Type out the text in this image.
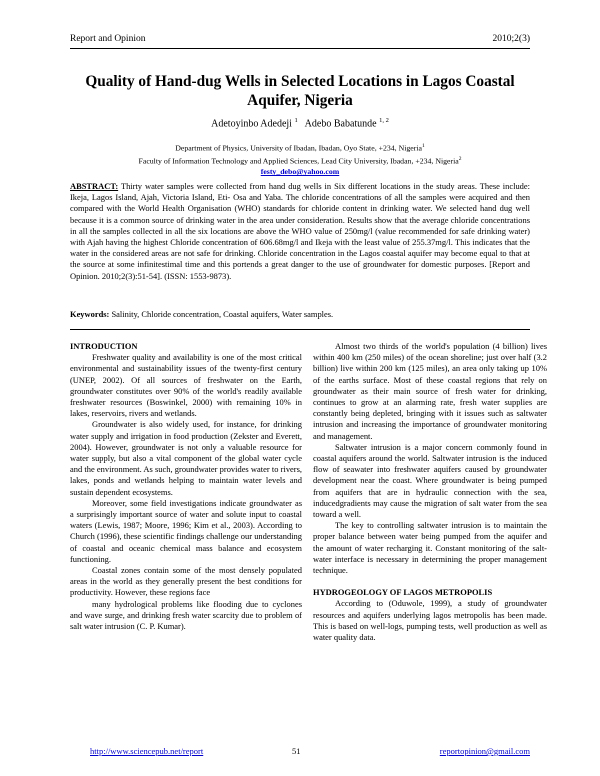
Report and Opinion	2010;2(3)
Quality of Hand-dug Wells in Selected Locations in Lagos Coastal Aquifer, Nigeria
Adetoyinbo Adedeji $^1$ Adebo Babatunde $^{1, 2}$
Department of Physics, University of Ibadan, Ibadan, Oyo State, +234, Nigeria$^1$
Faculty of Information Technology and Applied Sciences, Lead City University, Ibadan, +234, Nigeria$^2$
festy_debo@yahoo.com
ABSTRACT: Thirty water samples were collected from hand dug wells in Six different locations in the study areas. These include: Ikeja, Lagos Island, Ajah, Victoria Island, Eti- Osa and Yaba. The chloride concentrations of all the samples were acquired and then compared with the World Health Organisation (WHO) standards for chloride content in drinking water. We selected hand dug well because it is a common source of drinking water in the area under consideration. Results show that the average chloride concentrations in all the samples collected in all the six locations are above the WHO value of 250mg/l (value recommended for safe drinking water) with Ajah having the highest Chloride concentration of 606.68mg/l and Ikeja with the least value of 255.37mg/l. This indicates that the water in the considered areas are not safe for drinking. Chloride concentration in the Lagos coastal aquifer may become equal to that at the source at some infinitestimal time and this portends a great danger to the use of groundwater for domestic purposes. [Report and Opinion. 2010;2(3):51-54]. (ISSN: 1553-9873).
Keywords: Salinity, Chloride concentration, Coastal aquifers, Water samples.

INTRODUCTION

Freshwater quality and availability is one of the most critical environmental and sustainability issues of the twenty-first century (UNEP, 2002). Of all sources of freshwater on the Earth, groundwater constitutes over 90% of the world's readily available freshwater resources (Boswinkel, 2000) with remaining 10% in lakes, reservoirs, rivers and wetlands.

Groundwater is also widely used, for instance, for drinking water supply and irrigation in food production (Zekster and Everett, 2004). However, groundwater is not only a valuable resource for water supply, but also a vital component of the global water cycle and the environment. As such, groundwater provides water to rivers, lakes, ponds and wetlands helping to maintain water levels and sustain dependent ecosystems.

Moreover, some field investigations indicate groundwater as a surprisingly important source of water and solute input to coastal waters (Lewis, 1987; Moore, 1996; Kim et al., 2003). According to Church (1996), these scientific findings challenge our understanding of coastal and oceanic chemical mass balance and ecosystem functioning.

Coastal zones contain some of the most densely populated areas in the world as they generally present the best conditions for productivity. However, these regions face

many hydrological problems like flooding due to cyclones and wave surge, and drinking fresh water scarcity due to problem of salt water intrusion (C. P. Kumar).

Almost two thirds of the world's population (4 billion) lives within 400 km (250 miles) of the ocean shoreline; just over half (3.2 billion) live within 200 km (125 miles), an area only taking up 10% of the earths surface. Most of these coastal regions that rely on groundwater as their main source of fresh water for drinking, continues to grow at an alarming rate, fresh water supplies are constantly being depleted, bringing with it issues such as saltwater intrusion and increasing the importance of groundwater monitoring and management.

Saltwater intrusion is a major concern commonly found in coastal aquifers around the world. Saltwater intrusion is the induced flow of seawater into freshwater aquifers caused by groundwater development near the coast. Where groundwater is being pumped from aquifers that are in hydraulic connection with the sea, inducedgradients may cause the migration of salt water from the sea toward a well.

The key to controlling saltwater intrusion is to maintain the proper balance between water being pumped from the aquifer and the amount of water recharging it. Constant monitoring of the salt-water interface is necessary in determining the proper management technique.

HYDROGEOLOGY OF LAGOS METROPOLIS

According to (Oduwole, 1999), a study of groundwater resources and aquifers underlying lagos metropolis has been made. This is based on well-logs, pumping tests, well production as well as water quality data.

http://www.sciencepub.net/report	51	reportopinion@gmail.com
